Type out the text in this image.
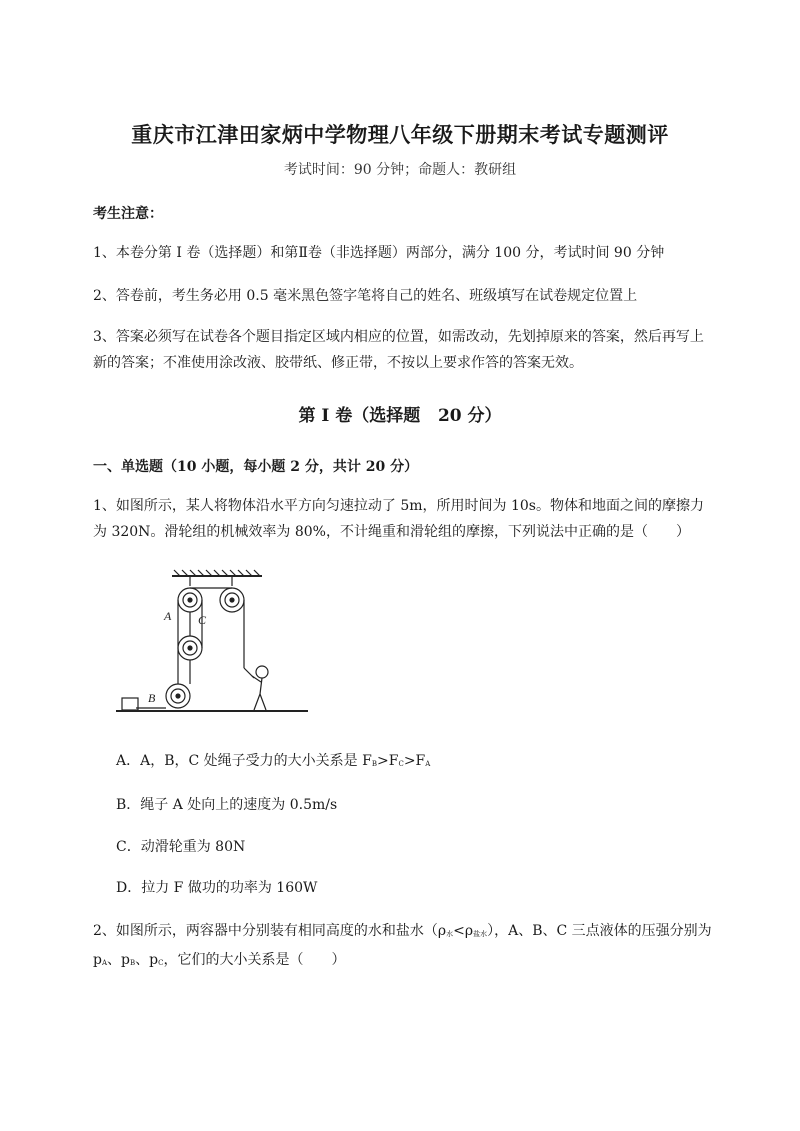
重庆市江津田家炳中学物理八年级下册期末考试专题测评
考试时间：90 分钟；命题人：教研组
考生注意：
1、本卷分第 I 卷（选择题）和第Ⅱ卷（非选择题）两部分，满分 100 分，考试时间 90 分钟
2、答卷前，考生务必用 0.5 毫米黑色签字笔将自己的姓名、班级填写在试卷规定位置上
3、答案必须写在试卷各个题目指定区域内相应的位置，如需改动，先划掉原来的答案，然后再写上新的答案；不准使用涂改液、胶带纸、修正带，不按以上要求作答的答案无效。
第 I 卷（选择题   20 分）
一、单选题（10 小题，每小题 2 分，共计 20 分）
1、如图所示，某人将物体沿水平方向匀速拉动了 5m，所用时间为 10s。物体和地面之间的摩擦力为 320N。滑轮组的机械效率为 80%，不计绳重和滑轮组的摩擦，下列说法中正确的是（　　）
A C
B
A．A，B，C 处绳子受力的大小关系是 $F_B>F_C>F_A$
B．绳子 A 处向上的速度为 0.5m/s
C．动滑轮重为 80N
D．拉力 F 做功的功率为 160W
2、如图所示，两容器中分别装有相同高度的水和盐水$(\rho_水<\rho_{盐水})$，A、B、C 三点液体的压强分别为
$p_A$、$p_B$、$p_C$，它们的大小关系是（　　）
